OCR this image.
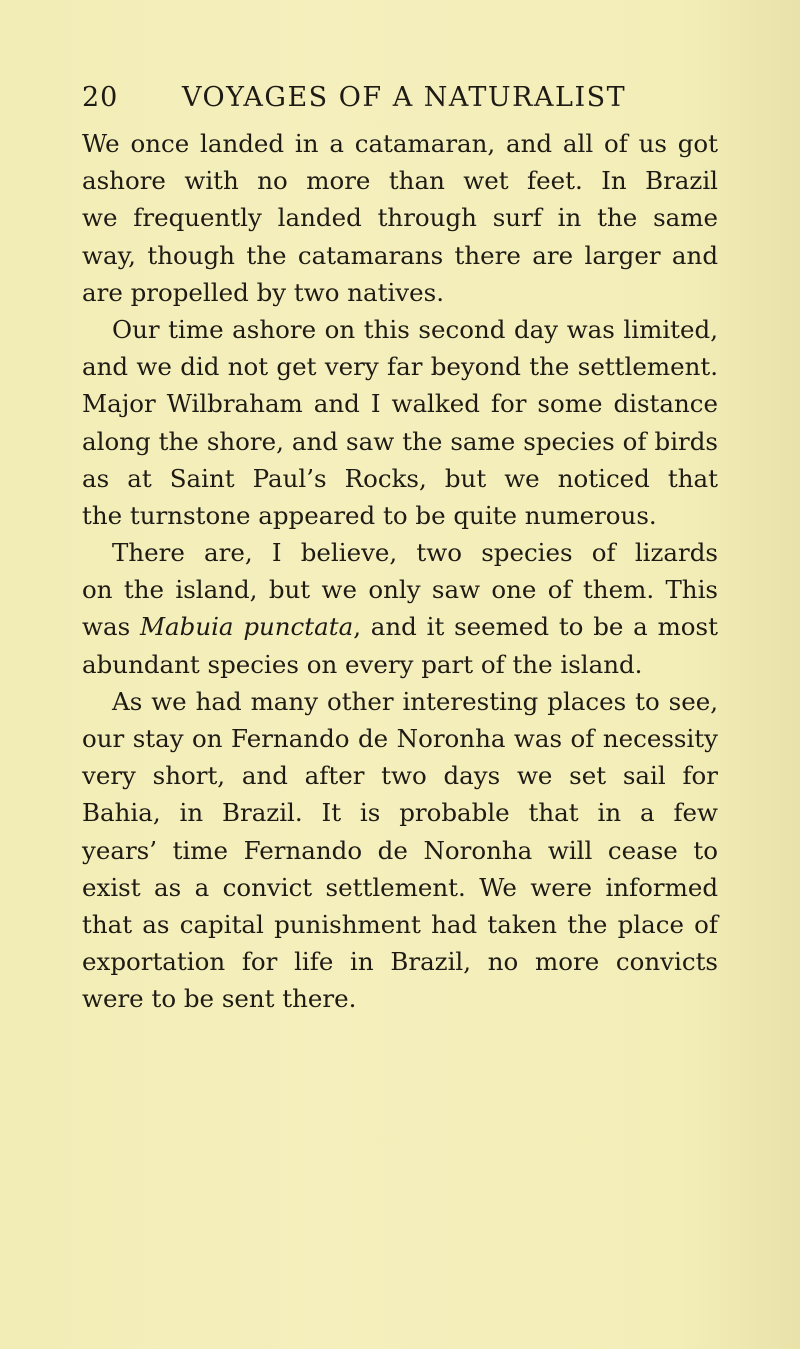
20 VOYAGES OF A NATURALIST
We once landed in a catamaran, and all of us got
ashore with no more than wet feet. In Brazil
we frequently landed through surf in the same
way, though the catamarans there are larger and
are propelled by two natives.
Our time ashore on this second day was limited,
and we did not get very far beyond the settlement.
Major Wilbraham and I walked for some distance
along the shore, and saw the same species of birds
as at Saint Paul’s Rocks, but we noticed that
the turnstone appeared to be quite numerous.
There are, I believe, two species of lizards
on the island, but we only saw one of them. This
was Mabuia punctata, and it seemed to be a most
abundant species on every part of the island.
As we had many other interesting places to see,
our stay on Fernando de Noronha was of necessity
very short, and after two days we set sail for
Bahia, in Brazil. It is probable that in a few
years’ time Fernando de Noronha will cease to
exist as a convict settlement. We were informed
that as capital punishment had taken the place of
exportation for life in Brazil, no more convicts
were to be sent there.
